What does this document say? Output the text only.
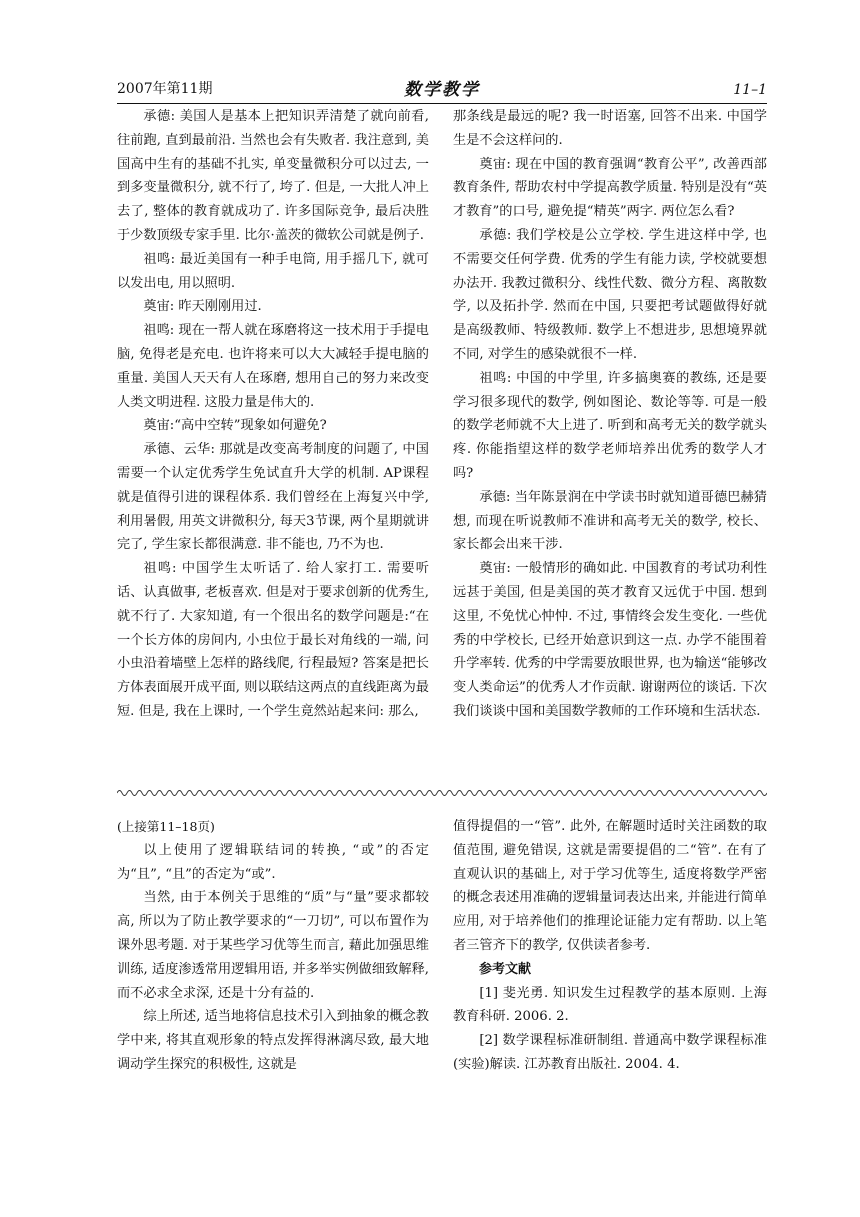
2007年第11期	数学教学	11–1

承德: 美国人是基本上把知识弄清楚了就向前看, 往前跑, 直到最前沿. 当然也会有失败者. 我注意到, 美国高中生有的基础不扎实, 单变量微积分可以过去, 一到多变量微积分, 就不行了, 垮了. 但是, 一大批人冲上去了, 整体的教育就成功了. 许多国际竞争, 最后决胜于少数顶级专家手里. 比尔·盖茨的微软公司就是例子.

祖鸣: 最近美国有一种手电筒, 用手摇几下, 就可以发出电, 用以照明.

奠宙: 昨天刚刚用过.

祖鸣: 现在一帮人就在琢磨将这一技术用于手提电脑, 免得老是充电. 也许将来可以大大减轻手提电脑的重量. 美国人天天有人在琢磨, 想用自己的努力来改变人类文明进程. 这股力量是伟大的.

奠宙:“高中空转”现象如何避免?

承德、云华: 那就是改变高考制度的问题了, 中国需要一个认定优秀学生免试直升大学的机制. AP课程就是值得引进的课程体系. 我们曾经在上海复兴中学, 利用暑假, 用英文讲微积分, 每天3节课, 两个星期就讲完了, 学生家长都很满意. 非不能也, 乃不为也.

祖鸣: 中国学生太听话了. 给人家打工. 需要听话、认真做事, 老板喜欢. 但是对于要求创新的优秀生, 就不行了. 大家知道, 有一个很出名的数学问题是:“在一个长方体的房间内, 小虫位于最长对角线的一端, 问小虫沿着墙壁上怎样的路线爬, 行程最短? 答案是把长方体表面展开成平面, 则以联结这两点的直线距离为最短. 但是, 我在上课时, 一个学生竟然站起来问: 那么,

那条线是最远的呢? 我一时语塞, 回答不出来. 中国学生是不会这样问的.

奠宙: 现在中国的教育强调“教育公平”, 改善西部教育条件, 帮助农村中学提高教学质量. 特别是没有“英才教育”的口号, 避免提“精英”两字. 两位怎么看?

承德: 我们学校是公立学校. 学生进这样中学, 也不需要交任何学费. 优秀的学生有能力读, 学校就要想办法开. 我教过微积分、线性代数、微分方程、离散数学, 以及拓扑学. 然而在中国, 只要把考试题做得好就是高级教师、特级教师. 数学上不想进步, 思想境界就不同, 对学生的感染就很不一样.

祖鸣: 中国的中学里, 许多搞奥赛的教练, 还是要学习很多现代的数学, 例如图论、数论等等. 可是一般的数学老师就不大上进了. 听到和高考无关的数学就头疼. 你能指望这样的数学老师培养出优秀的数学人才吗?

承德: 当年陈景润在中学读书时就知道哥德巴赫猜想, 而现在听说教师不准讲和高考无关的数学, 校长、家长都会出来干涉.

奠宙: 一般情形的确如此. 中国教育的考试功利性远甚于美国, 但是美国的英才教育又远优于中国. 想到这里, 不免忧心忡忡. 不过, 事情终会发生变化. 一些优秀的中学校长, 已经开始意识到这一点. 办学不能围着升学率转. 优秀的中学需要放眼世界, 也为输送“能够改变人类命运”的优秀人才作贡献. 谢谢两位的谈话. 下次我们谈谈中国和美国数学教师的工作环境和生活状态.

(上接第11–18页)

以上使用了逻辑联结词的转换, “或”的否定为“且”, “且”的否定为“或”.

当然, 由于本例关于思维的“质”与“量”要求都较高, 所以为了防止教学要求的“一刀切”, 可以布置作为课外思考题. 对于某些学习优等生而言, 藉此加强思维训练, 适度渗透常用逻辑用语, 并多举实例做细致解释, 而不必求全求深, 还是十分有益的.

综上所述, 适当地将信息技术引入到抽象的概念教学中来, 将其直观形象的特点发挥得淋漓尽致, 最大地调动学生探究的积极性, 这就是

值得提倡的一“管”. 此外, 在解题时适时关注函数的取值范围, 避免错误, 这就是需要提倡的二“管”. 在有了直观认识的基础上, 对于学习优等生, 适度将数学严密的概念表述用准确的逻辑量词表达出来, 并能进行简单应用, 对于培养他们的推理论证能力定有帮助. 以上笔者三管齐下的教学, 仅供读者参考.

参考文献

[1] 斐光勇. 知识发生过程教学的基本原则. 上海教育科研. 2006. 2.

[2] 数学课程标准研制组. 普通高中数学课程标准(实验)解读. 江苏教育出版社. 2004. 4.
